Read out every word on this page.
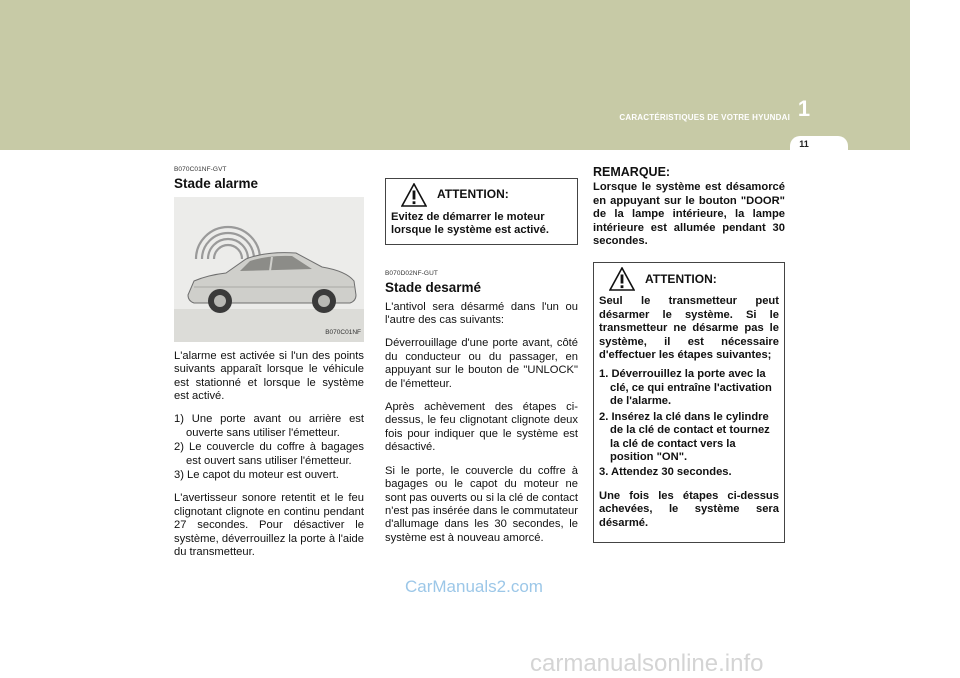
CARACTÉRISTIQUES DE VOTRE HYUNDAI 1
11
B070C01NF-GVT
Stade alarme
B070C01NF

L'alarme est activée si l'un des points suivants apparaît lorsque le véhicule est stationné et lorsque le système est activé.

1) Une porte avant ou arrière est ouverte sans utiliser l'émetteur.
2) Le couvercle du coffre à bagages est ouvert sans utiliser l'émetteur.
3) Le capot du moteur est ouvert.

L'avertisseur sonore retentit et le feu clignotant clignote en continu pendant 27 secondes. Pour désactiver le système, déverrouillez la porte à l'aide du transmetteur.

ATTENTION:
Evitez de démarrer le moteur lorsque le système est activé.
B070D02NF-GUT
Stade desarmé

L'antivol sera désarmé dans l'un ou l'autre des cas suivants:

Déverrouillage d'une porte avant, côté du conducteur ou du passager, en appuyant sur le bouton de "UNLOCK" de l'émetteur.

Après achèvement des étapes ci-dessus, le feu clignotant clignote deux fois pour indiquer que le système est désactivé.

Si le porte, le couvercle du coffre à bagages ou le capot du moteur ne sont pas ouverts ou si la clé de contact n'est pas insérée dans le commutateur d'allumage dans les 30 secondes, le système est à nouveau amorcé.

REMARQUE:
Lorsque le système est désamorcé en appuyant sur le bouton "DOOR" de la lampe intérieure, la lampe intérieure est allumée pendant 30 secondes.
ATTENTION:

Seul le transmetteur peut désarmer le système. Si le transmetteur ne désarme pas le système, il est nécessaire d'effectuer les étapes suivantes;

1. Déverrouillez la porte avec la clé, ce qui entraîne l'activation de l'alarme.
2. Insérez la clé dans le cylindre de la clé de contact et tournez la clé de contact vers la position "ON".
3. Attendez 30 secondes.

Une fois les étapes ci-dessus achevées, le système sera désarmé.

CarManuals2.com
carmanualsonline.info
